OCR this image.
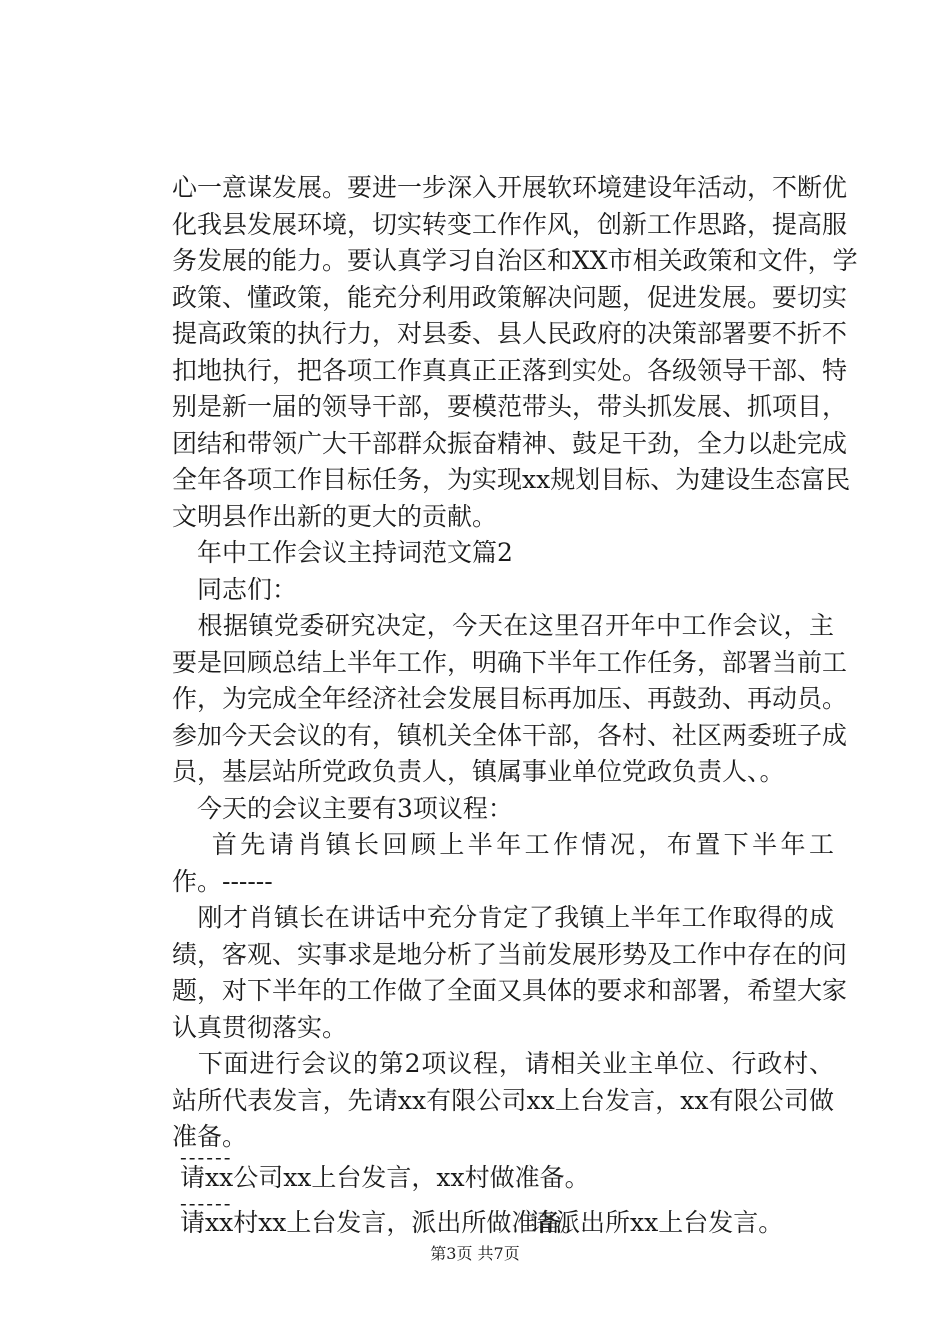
心一意谋发展。要进一步深入开展软环境建设年活动，不断优
化我县发展环境，切实转变工作作风，创新工作思路，提高服
务发展的能力。要认真学习自治区和XX市相关政策和文件，学
政策、懂政策，能充分利用政策解决问题，促进发展。要切实
提高政策的执行力，对县委、县人民政府的决策部署要不折不
扣地执行，把各项工作真真正正落到实处。各级领导干部、特
别是新一届的领导干部，要模范带头，带头抓发展、抓项目，
团结和带领广大干部群众振奋精神、鼓足干劲，全力以赴完成
全年各项工作目标任务，为实现xx规划目标、为建设生态富民
文明县作出新的更大的贡献。
　年中工作会议主持词范文篇2
　同志们：
　根据镇党委研究决定，今天在这里召开年中工作会议，主
要是回顾总结上半年工作，明确下半年工作任务，部署当前工
作，为完成全年经济社会发展目标再加压、再鼓劲、再动员。
参加今天会议的有，镇机关全体干部，各村、社区两委班子成
员，基层站所党政负责人，镇属事业单位党政负责人、。
　今天的会议主要有3项议程：
　 首先请肖镇长回顾上半年工作情况，布置下半年工
作。------
　刚才肖镇长在讲话中充分肯定了我镇上半年工作取得的成
绩，客观、实事求是地分析了当前发展形势及工作中存在的问
题，对下半年的工作做了全面又具体的要求和部署，希望大家
认真贯彻落实。
　下面进行会议的第2项议程，请相关业主单位、行政村、
站所代表发言，先请xx有限公司xx上台发言，xx有限公司做
准备。
------
请xx公司xx上台发言，xx村做准备。
------
请xx村xx上台发言，派出所做准备。
请派出所xx上台发言。
第3页 共7页
